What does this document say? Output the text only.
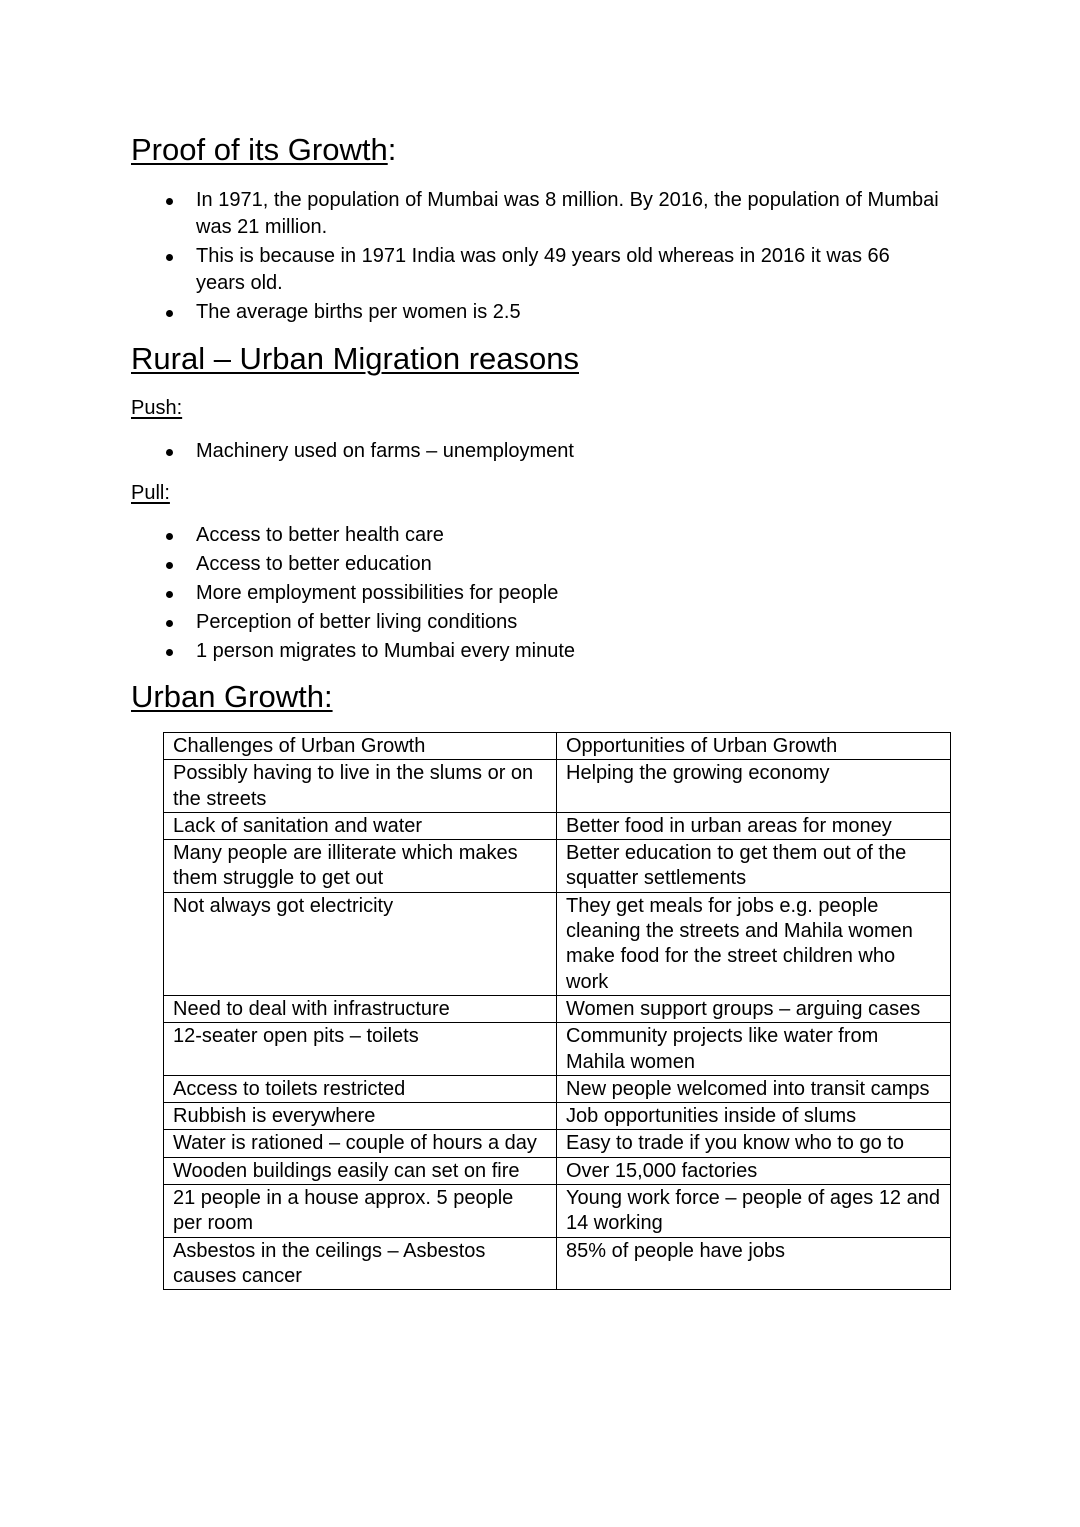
Proof of its Growth:
In 1971, the population of Mumbai was 8 million. By 2016, the population of Mumbai was 21 million.
This is because in 1971 India was only 49 years old whereas in 2016 it was 66 years old.
The average births per women is 2.5
Rural – Urban Migration reasons
Push:
Machinery used on farms – unemployment
Pull:
Access to better health care
Access to better education
More employment possibilities for people
Perception of better living conditions
1 person migrates to Mumbai every minute
Urban Growth:
Challenges of Urban Growth	Opportunities of Urban Growth
Possibly having to live in the slums or on the streets	Helping the growing economy
Lack of sanitation and water	Better food in urban areas for money
Many people are illiterate which makes them struggle to get out	Better education to get them out of the squatter settlements
Not always got electricity	They get meals for jobs e.g. people cleaning the streets and Mahila women make food for the street children who work
Need to deal with infrastructure	Women support groups – arguing cases
12-seater open pits – toilets	Community projects like water from Mahila women
Access to toilets restricted	New people welcomed into transit camps
Rubbish is everywhere	Job opportunities inside of slums
Water is rationed – couple of hours a day	Easy to trade if you know who to go to
Wooden buildings easily can set on fire	Over 15,000 factories
21 people in a house approx. 5 people per room	Young work force – people of ages 12 and 14 working
Asbestos in the ceilings – Asbestos causes cancer	85% of people have jobs
